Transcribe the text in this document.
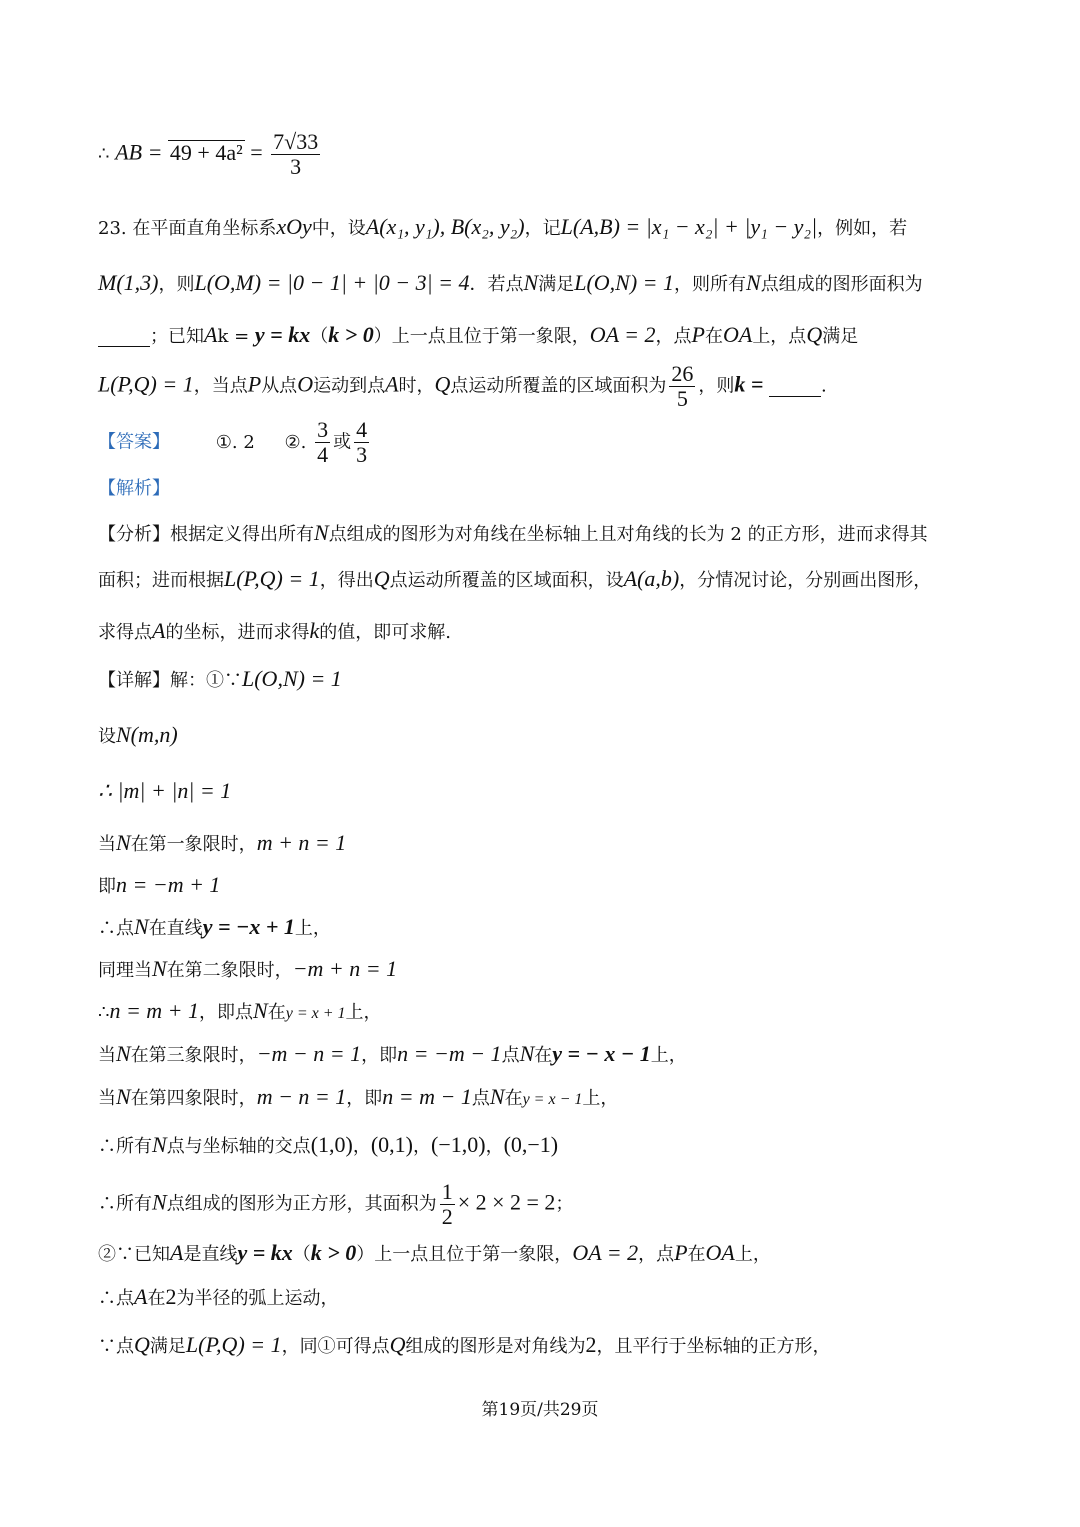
∴ AB = $49 + 4a^2 = \frac{7√33}{3}$
23. 在平面直角坐标系xOy中，设A(x₁, y₁), B(x₂, y₂)，记L(A,B) = |x₁ − x₂| + |y₁ − y₂|，例如，若
M(1,3)，则L(O,M) = |0 − 1| + |0 − 3| = 4．若点N满足L(O,N) = 1，则所有N点组成的图形面积为
；已知Ak = y = kx（k > 0）上一点且位于第一象限，OA = 2，点P在OA上，点Q满足
L(P,Q) = 1，当点P从点O运动到点A时，Q点运动所覆盖的区域面积为 $\frac{26}{5}$ ，则k =	.
【答案】	①. 2 ②. $\frac{3}{4}$ 或 $\frac{4}{3}$
【解析】
【分析】根据定义得出所有N点组成的图形为对角线在坐标轴上且对角线的长为 2 的正方形，进而求得其
面积；进而根据L(P,Q) = 1，得出Q点运动所覆盖的区域面积，设A(a,b)，分情况讨论，分别画出图形，
求得点A的坐标，进而求得k的值，即可求解.
【详解】解：①∵L(O,N) = 1
设N(m,n)
∴ |m| + |n| = 1
当N在第一象限时，m + n = 1
即n = −m + 1
∴点N在直线y = −x + 1上，
同理当N在第二象限时，−m + n = 1
∴n = m + 1，即点N在y = x + 1上，
当N在第三象限时，−m − n = 1，即n = −m − 1点N在y = − x − 1上，
当N在第四象限时，m − n = 1，即n = m − 1点N在y = x − 1上，
∴所有N点与坐标轴的交点(1,0)，(0,1)，(−1,0)，(0,−1)
∴所有N点组成的图形为正方形，其面积为 $\frac{1}{2} \times 2 \times 2 = 2$；
②∵已知A是直线y = kx（k > 0）上一点且位于第一象限，OA = 2，点P在OA上，
∴点A在2为半径的弧上运动，
∵点Q满足L(P,Q) = 1，同①可得点Q组成的图形是对角线为2，且平行于坐标轴的正方形，
第19页/共29页
